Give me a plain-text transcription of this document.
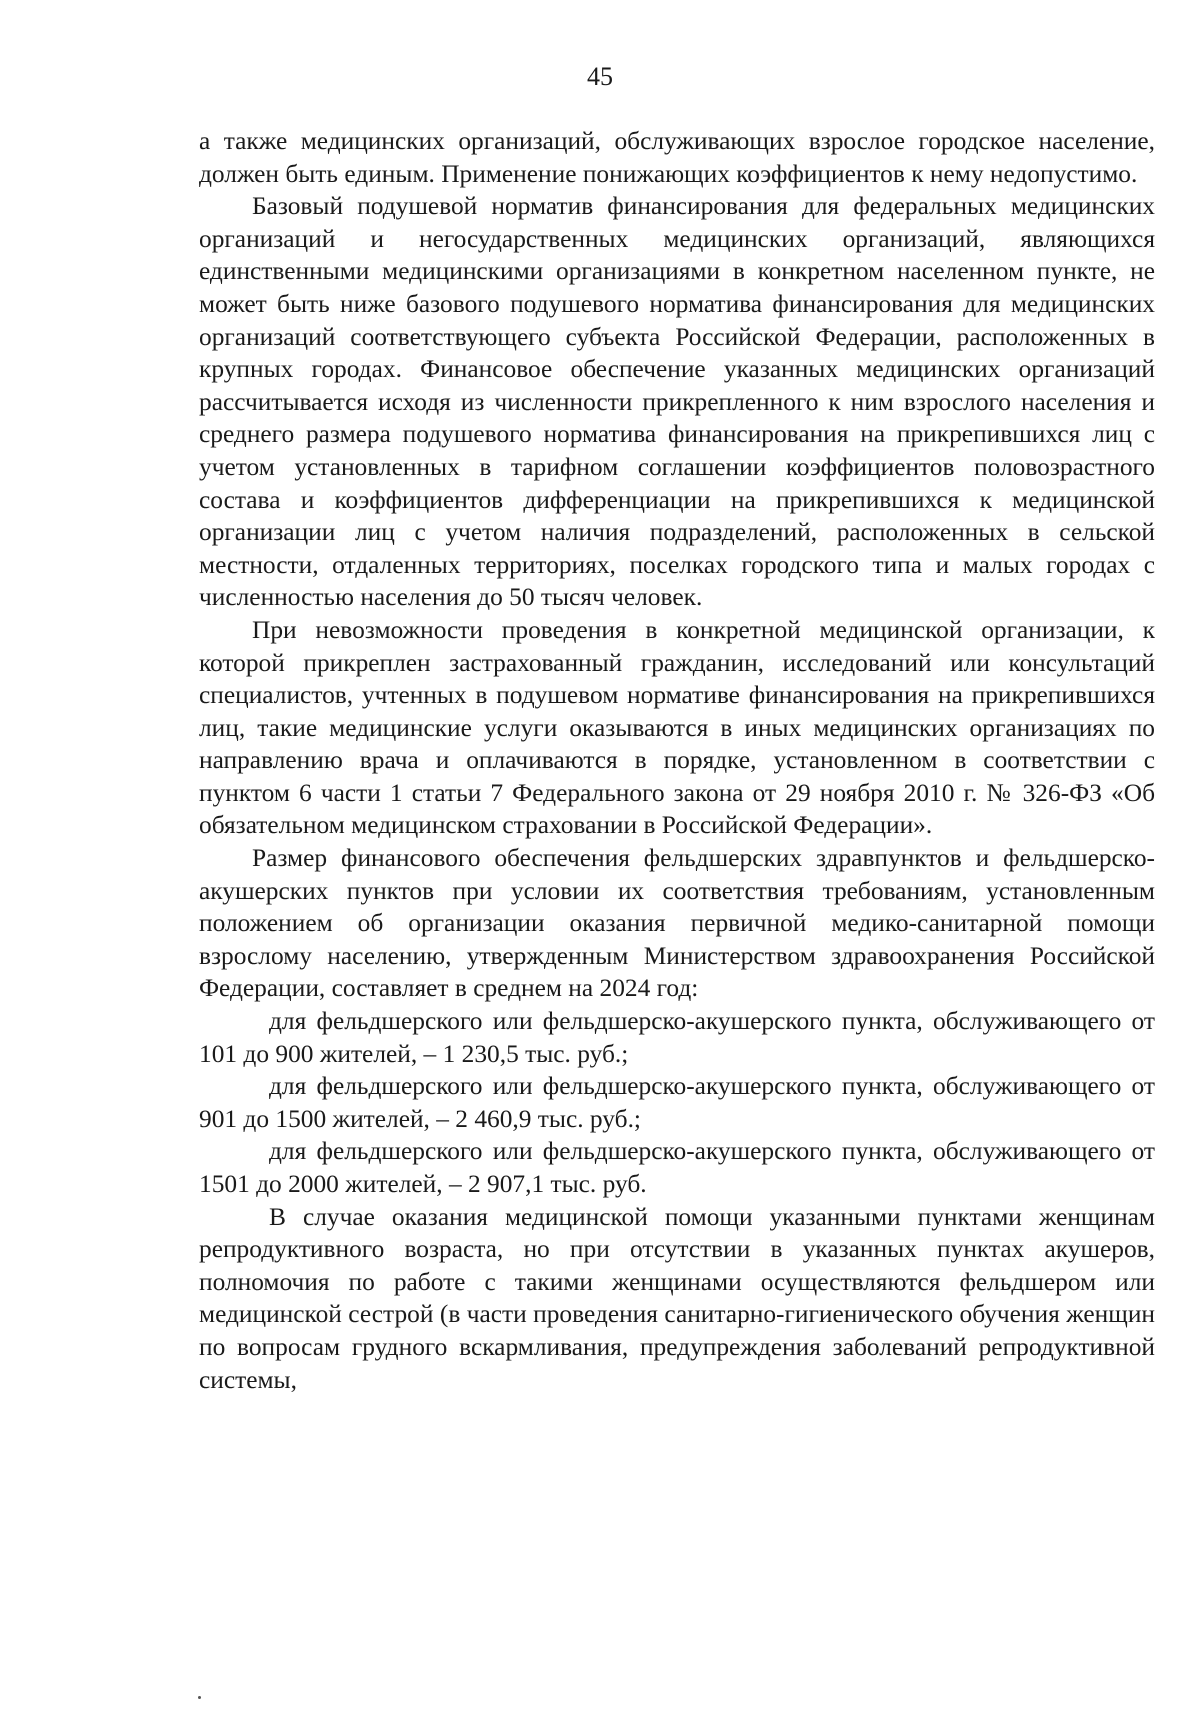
45

а также медицинских организаций, обслуживающих взрослое городское население, должен быть единым. Применение понижающих коэффициентов к нему недопустимо.

Базовый подушевой норматив финансирования для федеральных медицинских организаций и негосударственных медицинских организаций, являющихся единственными медицинскими организациями в конкретном населенном пункте, не может быть ниже базового подушевого норматива финансирования для медицинских организаций соответствующего субъекта Российской Федерации, расположенных в крупных городах. Финансовое обеспечение указанных медицинских организаций рассчитывается исходя из численности прикрепленного к ним взрослого населения и среднего размера подушевого норматива финансирования на прикрепившихся лиц с учетом установленных в тарифном соглашении коэффициентов половозрастного состава и коэффициентов дифференциации на прикрепившихся к медицинской организации лиц с учетом наличия подразделений, расположенных в сельской местности, отдаленных территориях, поселках городского типа и малых городах с численностью населения до 50 тысяч человек.

При невозможности проведения в конкретной медицинской организации, к которой прикреплен застрахованный гражданин, исследований или консультаций специалистов, учтенных в подушевом нормативе финансирования на прикрепившихся лиц, такие медицинские услуги оказываются в иных медицинских организациях по направлению врача и оплачиваются в порядке, установленном в соответствии с пунктом 6 части 1 статьи 7 Федерального закона от 29 ноября 2010 г. № 326-ФЗ «Об обязательном медицинском страховании в Российской Федерации».

Размер финансового обеспечения фельдшерских здравпунктов и фельдшерско-акушерских пунктов при условии их соответствия требованиям, установленным положением об организации оказания первичной медико-санитарной помощи взрослому населению, утвержденным Министерством здравоохранения Российской Федерации, составляет в среднем на 2024 год:

для фельдшерского или фельдшерско-акушерского пункта, обслуживающего от 101 до 900 жителей, – 1 230,5 тыс. руб.;

для фельдшерского или фельдшерско-акушерского пункта, обслуживающего от 901 до 1500 жителей, – 2 460,9 тыс. руб.;

для фельдшерского или фельдшерско-акушерского пункта, обслуживающего от 1501 до 2000 жителей, – 2 907,1 тыс. руб.

В случае оказания медицинской помощи указанными пунктами женщинам репродуктивного возраста, но при отсутствии в указанных пунктах акушеров, полномочия по работе с такими женщинами осуществляются фельдшером или медицинской сестрой (в части проведения санитарно-гигиенического обучения женщин по вопросам грудного вскармливания, предупреждения заболеваний репродуктивной системы,
